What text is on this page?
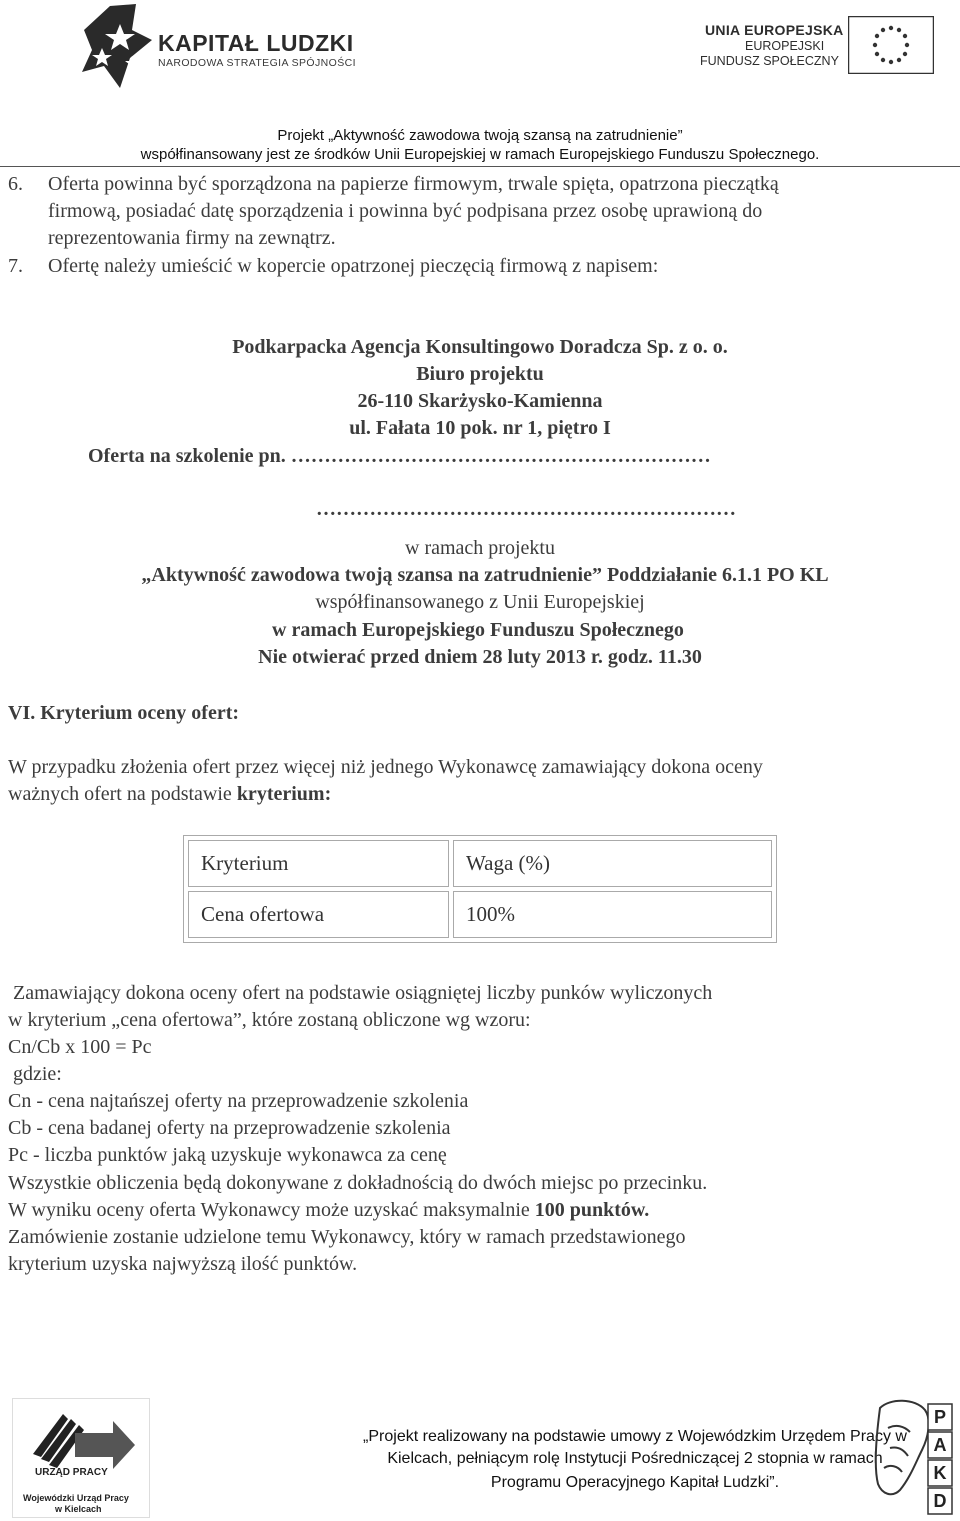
KAPITAŁ LUDZKI
NARODOWA STRATEGIA SPÓJNOŚCI
UNIA EUROPEJSKA
EUROPEJSKI
FUNDUSZ SPOŁECZNY
Projekt „Aktywność zawodowa twoją szansą na zatrudnienie”
współfinansowany jest ze środków Unii Europejskiej w ramach Europejskiego Funduszu Społecznego.
6. Oferta powinna być sporządzona na papierze firmowym, trwale spięta, opatrzona pieczątką
firmową, posiadać datę sporządzenia i powinna być podpisana przez osobę uprawioną do
reprezentowania firmy na zewnątrz.
7. Ofertę należy umieścić w kopercie opatrzonej pieczęcią firmową z napisem:
Podkarpacka Agencja Konsultingowo Doradcza Sp. z o. o.
Biuro projektu
26-110 Skarżysko-Kamienna
ul. Fałata 10 pok. nr 1, piętro I
Oferta na szkolenie pn. ………………………………………………………
………………………………………………………
w ramach projektu
„Aktywność zawodowa twoją szansa na zatrudnienie” Poddziałanie 6.1.1 PO KL
współfinansowanego z Unii Europejskiej
w ramach Europejskiego Funduszu Społecznego
Nie otwierać przed dniem 28 luty 2013 r. godz. 11.30
VI. Kryterium oceny ofert:
W przypadku złożenia ofert przez więcej niż jednego Wykonawcę zamawiający dokona oceny
ważnych ofert na podstawie kryterium:
Kryterium	Waga (%)
Cena ofertowa	100%
Zamawiający dokona oceny ofert na podstawie osiągniętej liczby punków wyliczonych
w kryterium „cena ofertowa”, które zostaną obliczone wg wzoru:
Cn/Cb x 100 = Pc
gdzie:
Cn - cena najtańszej oferty na przeprowadzenie szkolenia
Cb - cena badanej oferty na przeprowadzenie szkolenia
Pc - liczba punktów jaką uzyskuje wykonawca za cenę
Wszystkie obliczenia będą dokonywane z dokładnością do dwóch miejsc po przecinku.
W wyniku oceny oferta Wykonawcy może uzyskać maksymalnie 100 punktów.
Zamówienie zostanie udzielone temu Wykonawcy, który w ramach przedstawionego
kryterium uzyska najwyższą ilość punktów.
URZĄD PRACY
Wojewódzki Urząd Pracy
w Kielcach
„Projekt realizowany na podstawie umowy z Wojewódzkim Urzędem Pracy w
Kielcach, pełniącym rolę Instytucji Pośredniczącej 2 stopnia w ramach
Programu Operacyjnego Kapitał Ludzki”.
P
A
K
D
